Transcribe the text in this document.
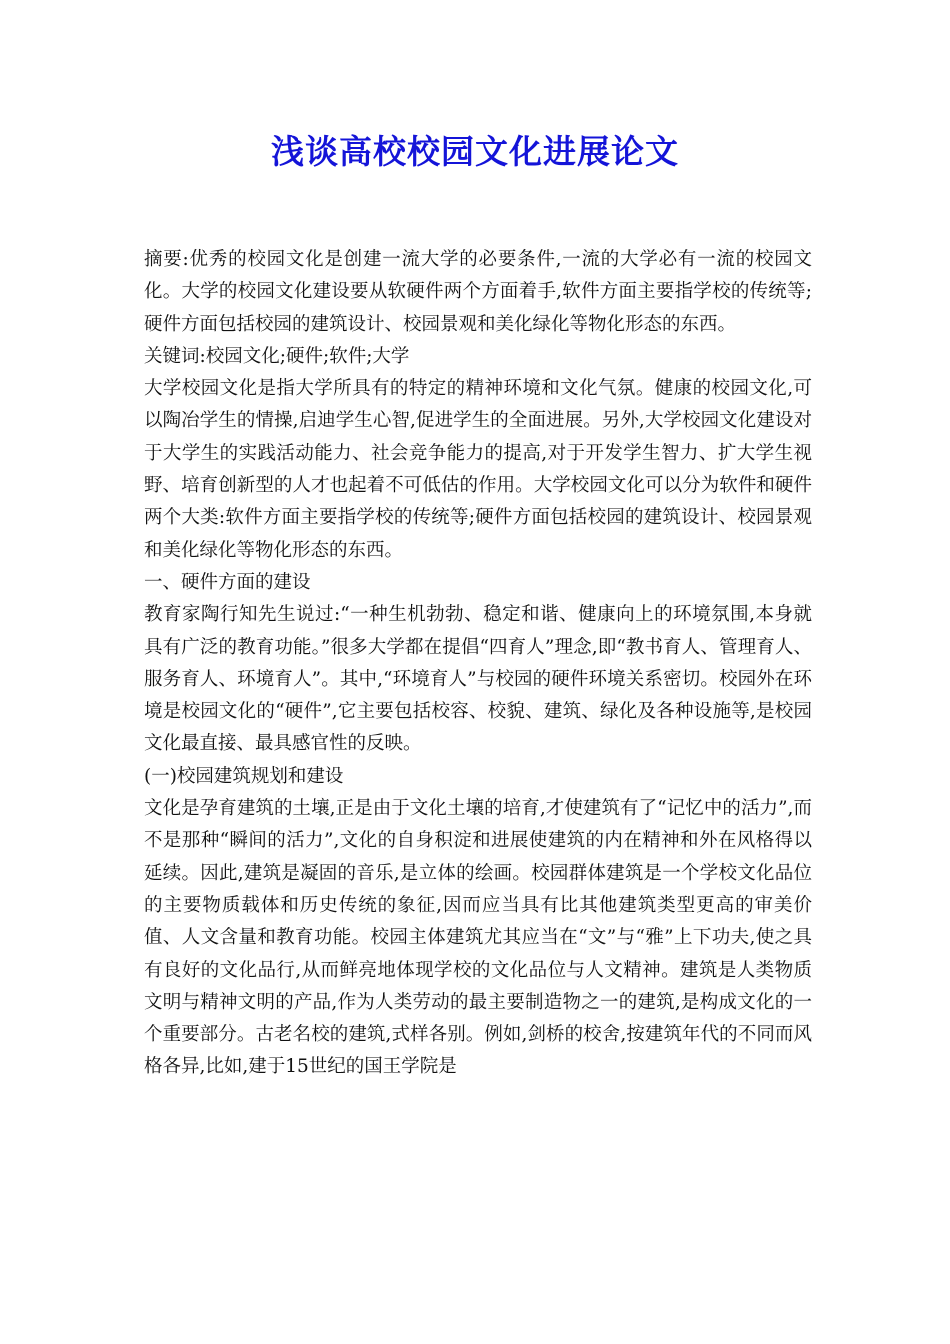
浅谈高校校园文化进展论文

摘要:优秀的校园文化是创建一流大学的必要条件,一流的大学必有一流的校园文化。大学的校园文化建设要从软硬件两个方面着手,软件方面主要指学校的传统等;硬件方面包括校园的建筑设计、校园景观和美化绿化等物化形态的东西。

关键词:校园文化;硬件;软件;大学

大学校园文化是指大学所具有的特定的精神环境和文化气氛。健康的校园文化,可以陶冶学生的情操,启迪学生心智,促进学生的全面进展。另外,大学校园文化建设对于大学生的实践活动能力、社会竞争能力的提高,对于开发学生智力、扩大学生视野、培育创新型的人才也起着不可低估的作用。大学校园文化可以分为软件和硬件两个大类:软件方面主要指学校的传统等;硬件方面包括校园的建筑设计、校园景观和美化绿化等物化形态的东西。

一、硬件方面的建设

教育家陶行知先生说过:“一种生机勃勃、稳定和谐、健康向上的环境氛围,本身就具有广泛的教育功能。”很多大学都在提倡“四育人”理念,即“教书育人、管理育人、服务育人、环境育人”。其中,“环境育人”与校园的硬件环境关系密切。校园外在环境是校园文化的“硬件”,它主要包括校容、校貌、建筑、绿化及各种设施等,是校园文化最直接、最具感官性的反映。

(一)校园建筑规划和建设

文化是孕育建筑的土壤,正是由于文化土壤的培育,才使建筑有了“记忆中的活力”,而不是那种“瞬间的活力”,文化的自身积淀和进展使建筑的内在精神和外在风格得以延续。因此,建筑是凝固的音乐,是立体的绘画。校园群体建筑是一个学校文化品位的主要物质载体和历史传统的象征,因而应当具有比其他建筑类型更高的审美价值、人文含量和教育功能。校园主体建筑尤其应当在“文”与“雅”上下功夫,使之具有良好的文化品行,从而鲜亮地体现学校的文化品位与人文精神。建筑是人类物质文明与精神文明的产品,作为人类劳动的最主要制造物之一的建筑,是构成文化的一个重要部分。古老名校的建筑,式样各别。例如,剑桥的校舍,按建筑年代的不同而风格各异,比如,建于15世纪的国王学院是
